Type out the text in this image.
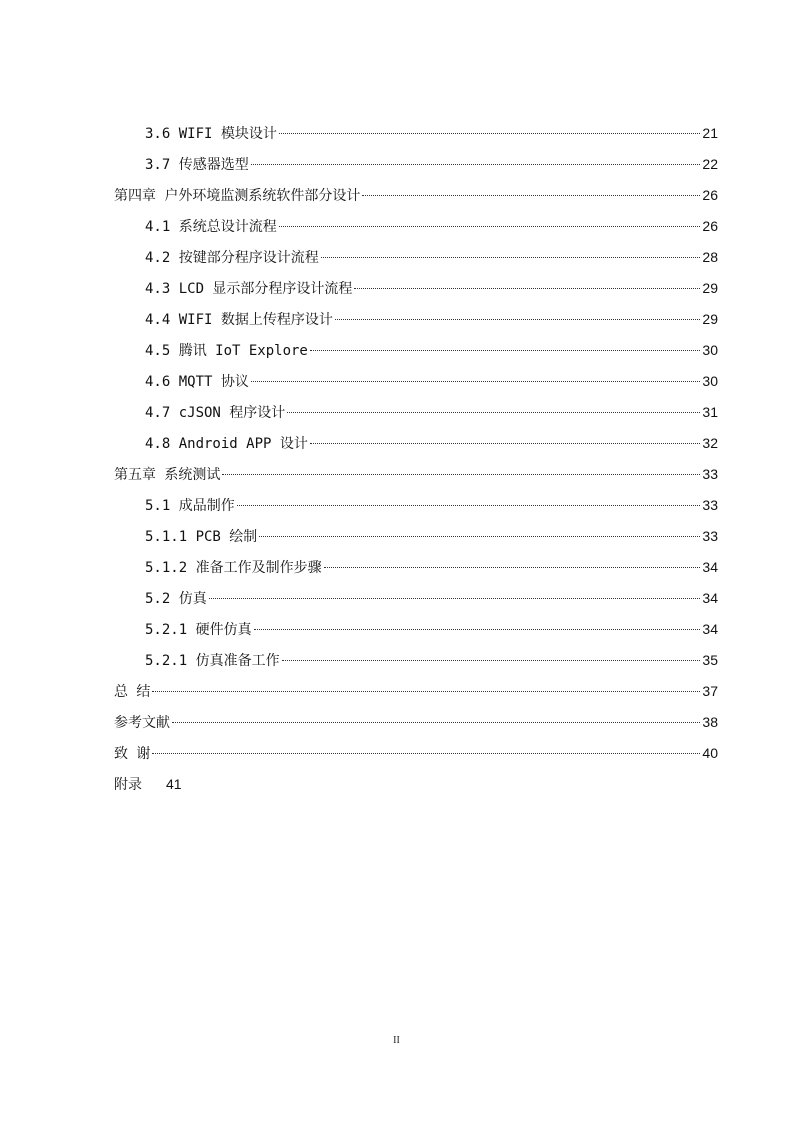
3.6 WIFI 模块设计	21
3.7 传感器选型	22
第四章 户外环境监测系统软件部分设计	26
4.1 系统总设计流程	26
4.2 按键部分程序设计流程	28
4.3 LCD 显示部分程序设计流程	29
4.4 WIFI 数据上传程序设计	29
4.5 腾讯 IoT Explore	30
4.6 MQTT 协议	30
4.7 cJSON 程序设计	31
4.8 Android APP 设计	32
第五章 系统测试	33
5.1 成品制作	33
5.1.1 PCB 绘制	33
5.1.2 准备工作及制作步骤	34
5.2 仿真	34
5.2.1 硬件仿真	34
5.2.1 仿真准备工作	35
总 结	37
参考文献	38
致 谢	40
附录 41
II
